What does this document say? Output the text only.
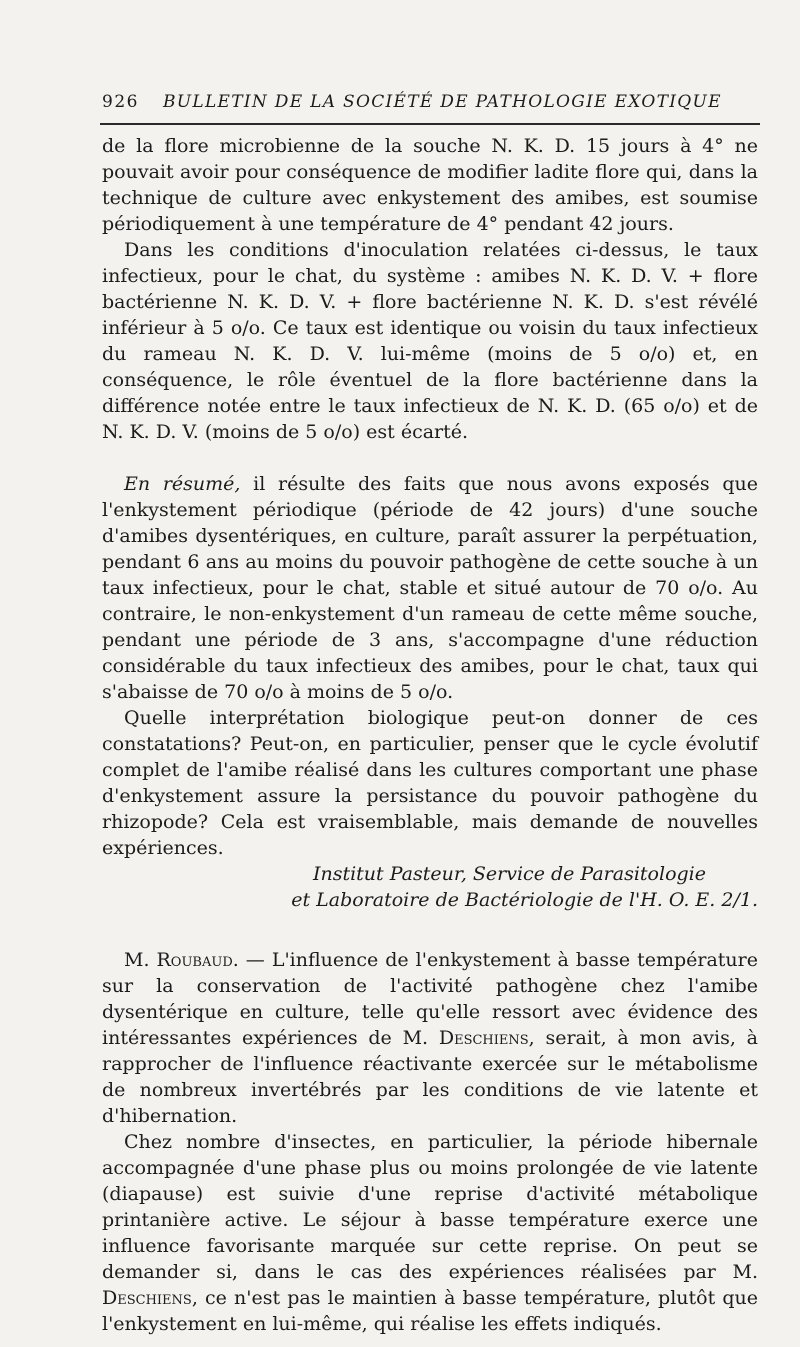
926 BULLETIN DE LA SOCIÉTÉ DE PATHOLOGIE EXOTIQUE

de la flore microbienne de la souche N. K. D. 15 jours à 4° ne pouvait avoir pour conséquence de modifier ladite flore qui, dans la technique de culture avec enkystement des amibes, est soumise périodiquement à une température de 4° pendant 42 jours.

Dans les conditions d'inoculation relatées ci-dessus, le taux infectieux, pour le chat, du système : amibes N. K. D. V. + flore bactérienne N. K. D. V. + flore bactérienne N. K. D. s'est révélé inférieur à 5 o/o. Ce taux est identique ou voisin du taux infectieux du rameau N. K. D. V. lui-même (moins de 5 o/o) et, en conséquence, le rôle éventuel de la flore bactérienne dans la différence notée entre le taux infectieux de N. K. D. (65 o/o) et de N. K. D. V. (moins de 5 o/o) est écarté.

En résumé, il résulte des faits que nous avons exposés que l'enkystement périodique (période de 42 jours) d'une souche d'amibes dysentériques, en culture, paraît assurer la perpétuation, pendant 6 ans au moins du pouvoir pathogène de cette souche à un taux infectieux, pour le chat, stable et situé autour de 70 o/o. Au contraire, le non-enkystement d'un rameau de cette même souche, pendant une période de 3 ans, s'accompagne d'une réduction considérable du taux infectieux des amibes, pour le chat, taux qui s'abaisse de 70 o/o à moins de 5 o/o.

Quelle interprétation biologique peut-on donner de ces constatations? Peut-on, en particulier, penser que le cycle évolutif complet de l'amibe réalisé dans les cultures comportant une phase d'enkystement assure la persistance du pouvoir pathogène du rhizopode? Cela est vraisemblable, mais demande de nouvelles expériences.

Institut Pasteur, Service de Parasitologie

et Laboratoire de Bactériologie de l'H. O. E. 2/1.

M. Roubaud. — L'influence de l'enkystement à basse température sur la conservation de l'activité pathogène chez l'amibe dysentérique en culture, telle qu'elle ressort avec évidence des intéressantes expériences de M. Deschiens, serait, à mon avis, à rapprocher de l'influence réactivante exercée sur le métabolisme de nombreux invertébrés par les conditions de vie latente et d'hibernation.

Chez nombre d'insectes, en particulier, la période hibernale accompagnée d'une phase plus ou moins prolongée de vie latente (diapause) est suivie d'une reprise d'activité métabolique printanière active. Le séjour à basse température exerce une influence favorisante marquée sur cette reprise. On peut se demander si, dans le cas des expériences réalisées par M. Deschiens, ce n'est pas le maintien à basse température, plutôt que l'enkystement en lui-même, qui réalise les effets indiqués.
